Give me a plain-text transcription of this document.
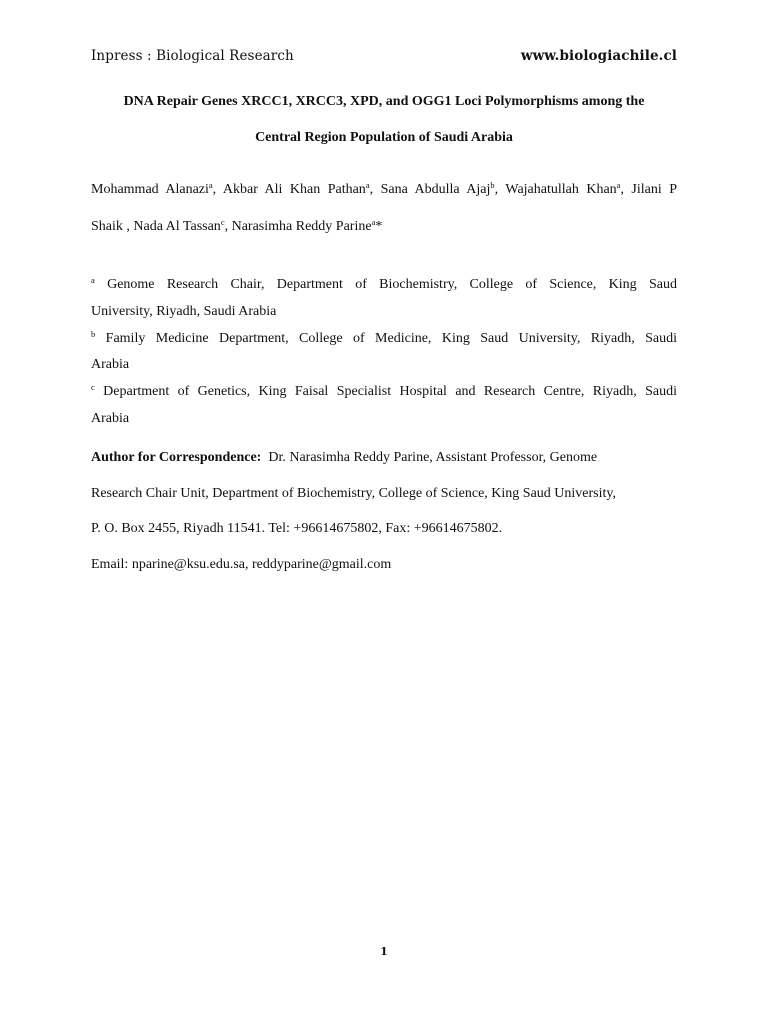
Inpress : Biological Research	www.biologiachile.cl

DNA Repair Genes XRCC1, XRCC3, XPD, and OGG1 Loci Polymorphisms among the

Central Region Population of Saudi Arabia

Mohammad Alanazi$^a$, Akbar Ali Khan Pathan$^a$, Sana Abdulla Ajaj$^b$, Wajahatullah Khan$^a$, Jilani P

Shaik , Nada Al Tassan$^c$, Narasimha Reddy Parine$^a$*

$^a$ Genome Research Chair, Department of Biochemistry, College of Science, King Saud

University, Riyadh, Saudi Arabia

$^b$ Family Medicine Department, College of Medicine, King Saud University, Riyadh, Saudi

Arabia

$^c$ Department of Genetics, King Faisal Specialist Hospital and Research Centre, Riyadh, Saudi

Arabia

Author for Correspondence: Dr. Narasimha Reddy Parine, Assistant Professor, Genome

Research Chair Unit, Department of Biochemistry, College of Science, King Saud University,

P. O. Box 2455, Riyadh 11541. Tel: +96614675802, Fax: +96614675802.

Email: nparine@ksu.edu.sa, reddyparine@gmail.com

1
